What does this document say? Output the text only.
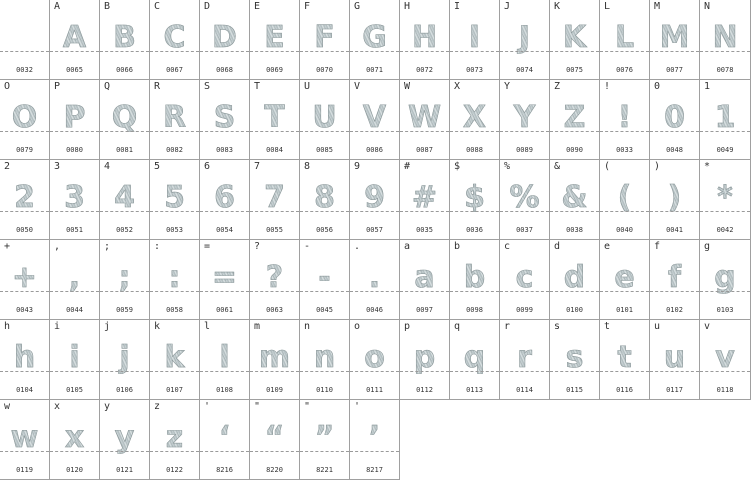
0032
A
A
0065
B
B
0066
C
C
0067
D
D
0068
E
E
0069
F
F
0070
G
G
0071
H
H
0072
I
I
0073
J
J
0074
K
K
0075
L
L
0076
M
M
0077
N
N
0078
O
O
0079
P
P
0080
Q
Q
0081
R
R
0082
S
S
0083
T
T
0084
U
U
0085
V
V
0086
W
W
0087
X
X
0088
Y
Y
0089
Z
Z
0090
!
!
0033
0
0
0048
1
1
0049
2
2
0050
3
3
0051
4
4
0052
5
5
0053
6
6
0054
7
7
0055
8
8
0056
9
9
0057
#
#
0035
$
$
0036
%
%
0037
&
&
0038
(
(
0040
)
)
0041
*
*
0042
+
+
0043
,
,
0044
;
;
0059
:
:
0058
=
=
0061
?
?
0063
-
-
0045
.
.
0046
a
a
0097
b
b
0098
c
c
0099
d
d
0100
e
e
0101
f
f
0102
g
g
0103
h
h
0104
i
i
0105
j
j
0106
k
k
0107
l
l
0108
m
m
0109
n
n
0110
o
o
0111
p
p
0112
q
q
0113
r
r
0114
s
s
0115
t
t
0116
u
u
0117
v
v
0118
w
w
0119
x
x
0120
y
y
0121
z
z
0122
'
‘
8216
"
“
8220
"
”
8221
'
’
8217
